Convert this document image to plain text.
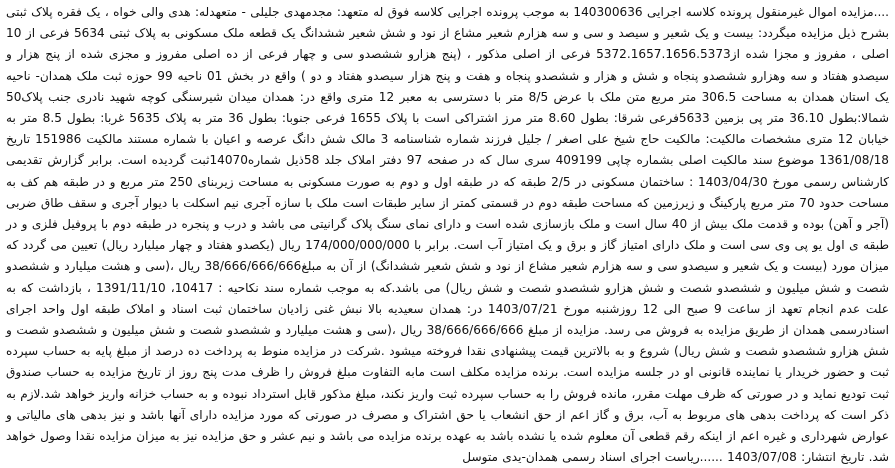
....مزایده اموال غیرمنقول پرونده کلاسه اجرایی 140300636 به موجب پرونده اجرایی کلاسه فوق له متعهد: مجدمهدی جلیلی - متعهدله: هدی والی خواه ، یک فقره پلاک ثبتی بشرح ذیل مزایده میگردد: بیست و یک شعیر و سیصد و سی و سه هزارم شعیر مشاع از نود و شش شعیر ششدانگ یک قطعه ملک مسکونی به پلاک ثبتی 5634 فرعی از 10 اصلی ، مفروز و مجزا شده از5372.1657.1656.5373 فرعی از اصلی مذکور ، (پنج هزارو ششصدو سی و چهار فرعی از ده اصلی مفروز و مجزی شده از پنج هزار و سیصدو هفتاد و سه وهزارو ششصدو پنجاه و شش و هزار و ششصدو پنجاه و هفت و پنج هزار سیصدو هفتاد و دو ) واقع در بخش 01 ناحیه 99 حوزه ثبت ملک همدان- ناحیه یک استان همدان به مساحت 306.5 متر مربع متن ملک با عرض 8/5 متر با دسترسی به معبر 12 متری واقع در: همدان میدان شیرسنگی کوچه شهید نادری جنب پلاک50 شمالا:بطول 36.10 متر پی بزمین 5633فرعی شرقا: بطول 8.60 متر مرز اشتراکی است با پلاک 1655 فرعی جنوبا: بطول 36 متر به پلاک 5635 غربا: بطول 8.5 متر به خیابان 12 متری مشخصات مالکیت: مالکیت حاج شیخ علی اصغر / جلیل فرزند شماره شناسنامه 3 مالک شش دانگ عرصه و اعیان با شماره مستند مالکیت 151986 تاریخ 1361/08/18 موضوع سند مالکیت اصلی بشماره چاپی 409199 سری سال که در صفحه 97 دفتر املاک جلد 58ذیل شماره14070ثبت گردیده است. برابر گزارش تقدیمی کارشناس رسمی مورخ 1403/04/30 : ساختمان مسکونی در 2/5 طبقه که در طبقه اول و دوم به صورت مسکونی به مساحت زیربنای 250 متر مربع و در طبقه هم کف به مساحت حدود 70 متر مربع پارکینگ و زیرزمین که مساحت طبقه دوم در قسمتی کمتر از سایر طبقات است ملک با سازه آجری نیم اسکلت با دیوار آجری و سقف طاق ضربی (آجر و آهن) بوده و قدمت ملک بیش از 40 سال است و ملک بازسازی شده است و دارای نمای سنگ پلاک گرانیتی می باشد و درب و پنجره در طبقه دوم با پروفیل فلزی و در طبقه ی اول یو پی وی سی است و ملک دارای امتیاز گاز و برق و یک امتیاز آب است. برابر با 174/000/000/000 ریال (یکصدو هفتاد و چهار میلیارد ریال) تعیین می گردد که میزان مورد (بیست و یک شعیر و سیصدو سی و سه هزارم شعیر مشاع از نود و شش شعیر ششدانگ) از آن به مبلغ38/666/666/666 ریال ،(سی و هشت میلیارد و ششصدو شصت و شش میلیون و ششصدو شصت و شش هزارو ششصدو شصت و شش ریال) می باشد.که به موجب شماره سند نکاحیه : 10417، 1391/11/10 ، بازداشت که به علت عدم انجام تعهد از ساعت 9 صبح الی 12 روزشنبه مورخ 1403/07/21 در: همدان سعیدیه بالا نبش غنی زادیان ساختمان ثبت اسناد و املاک طبقه اول واحد اجرای اسنادرسمی همدان از طریق مزایده به فروش می رسد. مزایده از مبلغ 38/666/666/666 ریال ،(سی و هشت میلیارد و ششصدو شصت و شش میلیون و ششصدو شصت و شش هزارو ششصدو شصت و شش ریال) شروع و به بالاترین قیمت پیشنهادی نقدا فروخته میشود .شرکت در مزایده منوط به پرداخت ده درصد از مبلغ پایه به حساب سپرده ثبت و حضور خریدار یا نماینده قانونی او در جلسه مزایده است. برنده مزایده مکلف است مابه التفاوت مبلغ فروش را ظرف مدت پنج روز از تاریخ مزایده به حساب صندوق ثبت تودیع نماید و در صورتی که ظرف مهلت مقرر، مانده فروش را به حساب سپرده ثبت واریز نکند، مبلغ مذکور قابل استرداد نبوده و به حساب خزانه واریز خواهد شد.لازم به ذکر است که پرداخت بدهی های مربوط به آب، برق و گاز اعم از حق انشعاب یا حق اشتراک و مصرف در صورتی که مورد مزایده دارای آنها باشد و نیز بدهی های مالیاتی و عوارض شهرداری و غیره اعم از اینکه رقم قطعی آن معلوم شده یا نشده باشد به عهده برنده مزایده می باشد و نیم عشر و حق مزایده نیز به میزان مزایده نقدا وصول خواهد شد. تاریخ انتشار: 1403/07/08 ......ریاست اجرای اسناد رسمی همدان-یدی متوسل
